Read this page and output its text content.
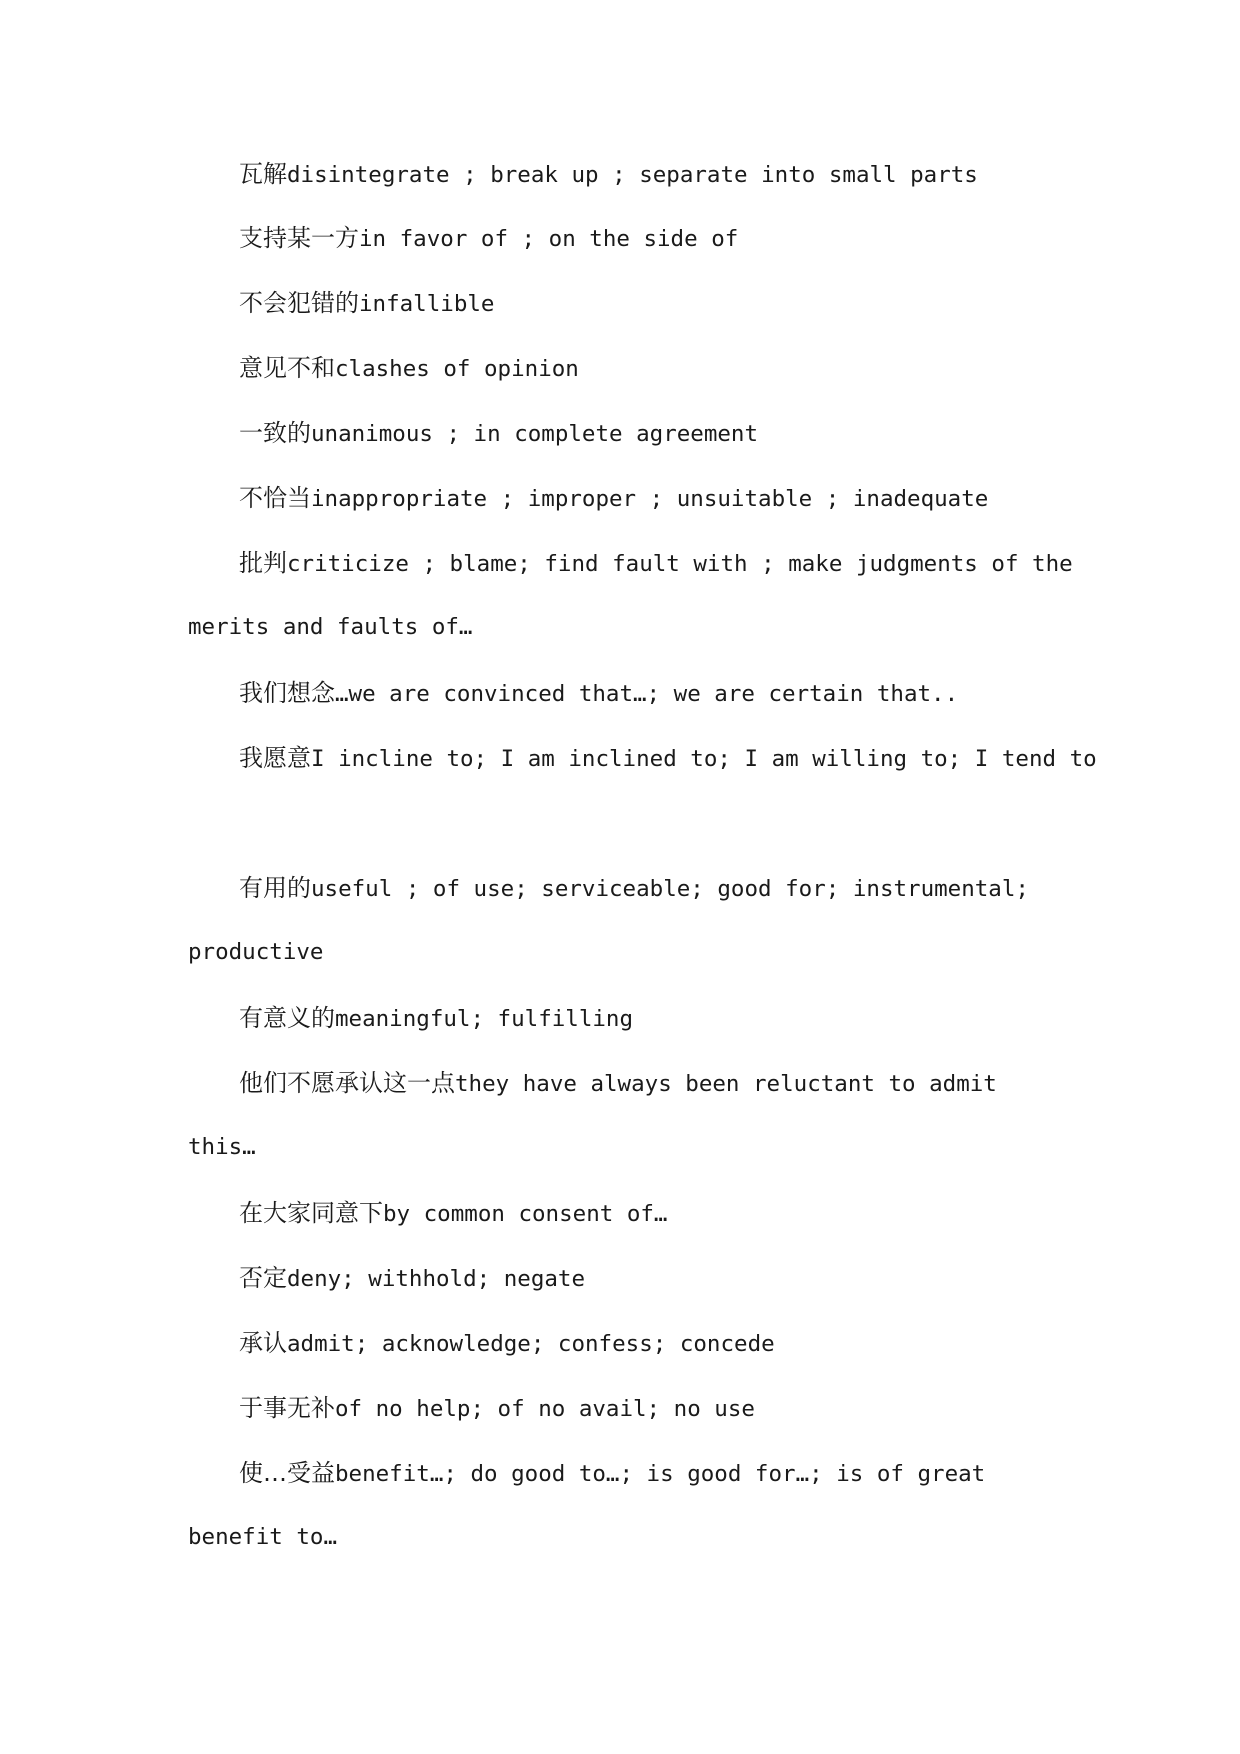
瓦解disintegrate ; break up ; separate into small parts
支持某一方in favor of ; on the side of
不会犯错的infallible
意见不和clashes of opinion
一致的unanimous ; in complete agreement
不恰当inappropriate ; improper ; unsuitable ; inadequate
批判criticize ; blame; find fault with ; make judgments of the
merits and faults of…
我们想念…we are convinced that…; we are certain that..
我愿意I incline to; I am inclined to; I am willing to; I tend to
有用的useful ; of use; serviceable; good for; instrumental;
productive
有意义的meaningful; fulfilling
他们不愿承认这一点they have always been reluctant to admit
this…
在大家同意下by common consent of…
否定deny; withhold; negate
承认admit; acknowledge; confess; concede
于事无补of no help; of no avail; no use
使…受益benefit…; do good to…; is good for…; is of great
benefit to…
